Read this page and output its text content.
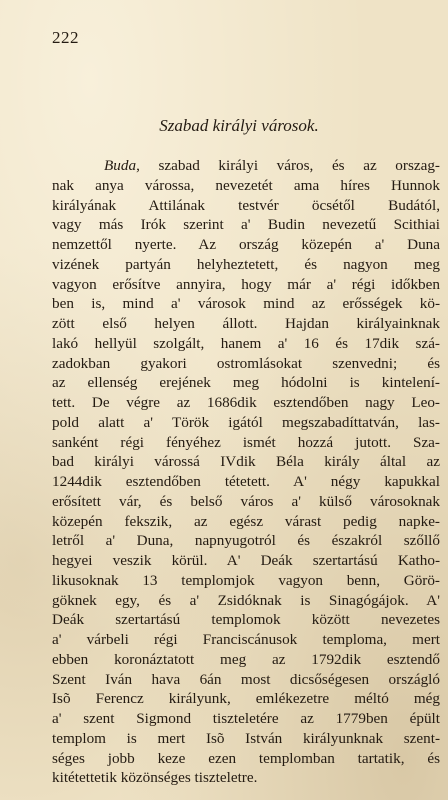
222
Szabad királyi városok.
Buda, szabad királyi város, és az orszag-
nak anya várossa, nevezetét ama híres Hunnok
királyának Attilának testvér öcsétől Budától,
vagy más Irók szerint a' Budin nevezetű Scithiai
nemzettől nyerte. Az ország közepén a' Duna
vizének partyán helyheztetett, és nagyon meg
vagyon erősítve annyira, hogy már a' régi időkben
ben is, mind a' városok mind az erősségek kö-
zött első helyen állott. Hajdan királyainknak
lakó hellyül szolgált, hanem a' 16 és 17dik szá-
zadokban gyakori ostromlásokat szenvedni; és
az ellenség erejének meg hódolni is kintelení-
tett. De végre az 1686dik esztendőben nagy Leo-
pold alatt a' Török igától megszabadíttatván, las-
sanként régi fényéhez ismét hozzá jutott. Sza-
bad királyi várossá IVdik Béla király által az
1244dik esztendőben tétetett. A' négy kapukkal
erősített vár, és belső város a' külső városoknak
közepén fekszik, az egész várast pedig napke-
letről a' Duna, napnyugotról és északról szőllő
hegyei veszik körül. A' Deák szertartású Katho-
likusoknak 13 templomjok vagyon benn, Görö-
göknek egy, és a' Zsidóknak is Sinagógájok. A'
Deák szertartású templomok között nevezetes
a' várbeli régi Franciscánusok temploma, mert
ebben koronáztatott meg az 1792dik esztendő
Szent Iván hava 6án most dicsőségesen országló
Isõ Ferencz királyunk, emlékezetre méltó még
a' szent Sigmond tiszteletére az 1779ben épült
templom is mert Isõ István királyunknak szent-
séges jobb keze ezen templomban tartatik, és
kitétettetik közönséges tiszteletre.
